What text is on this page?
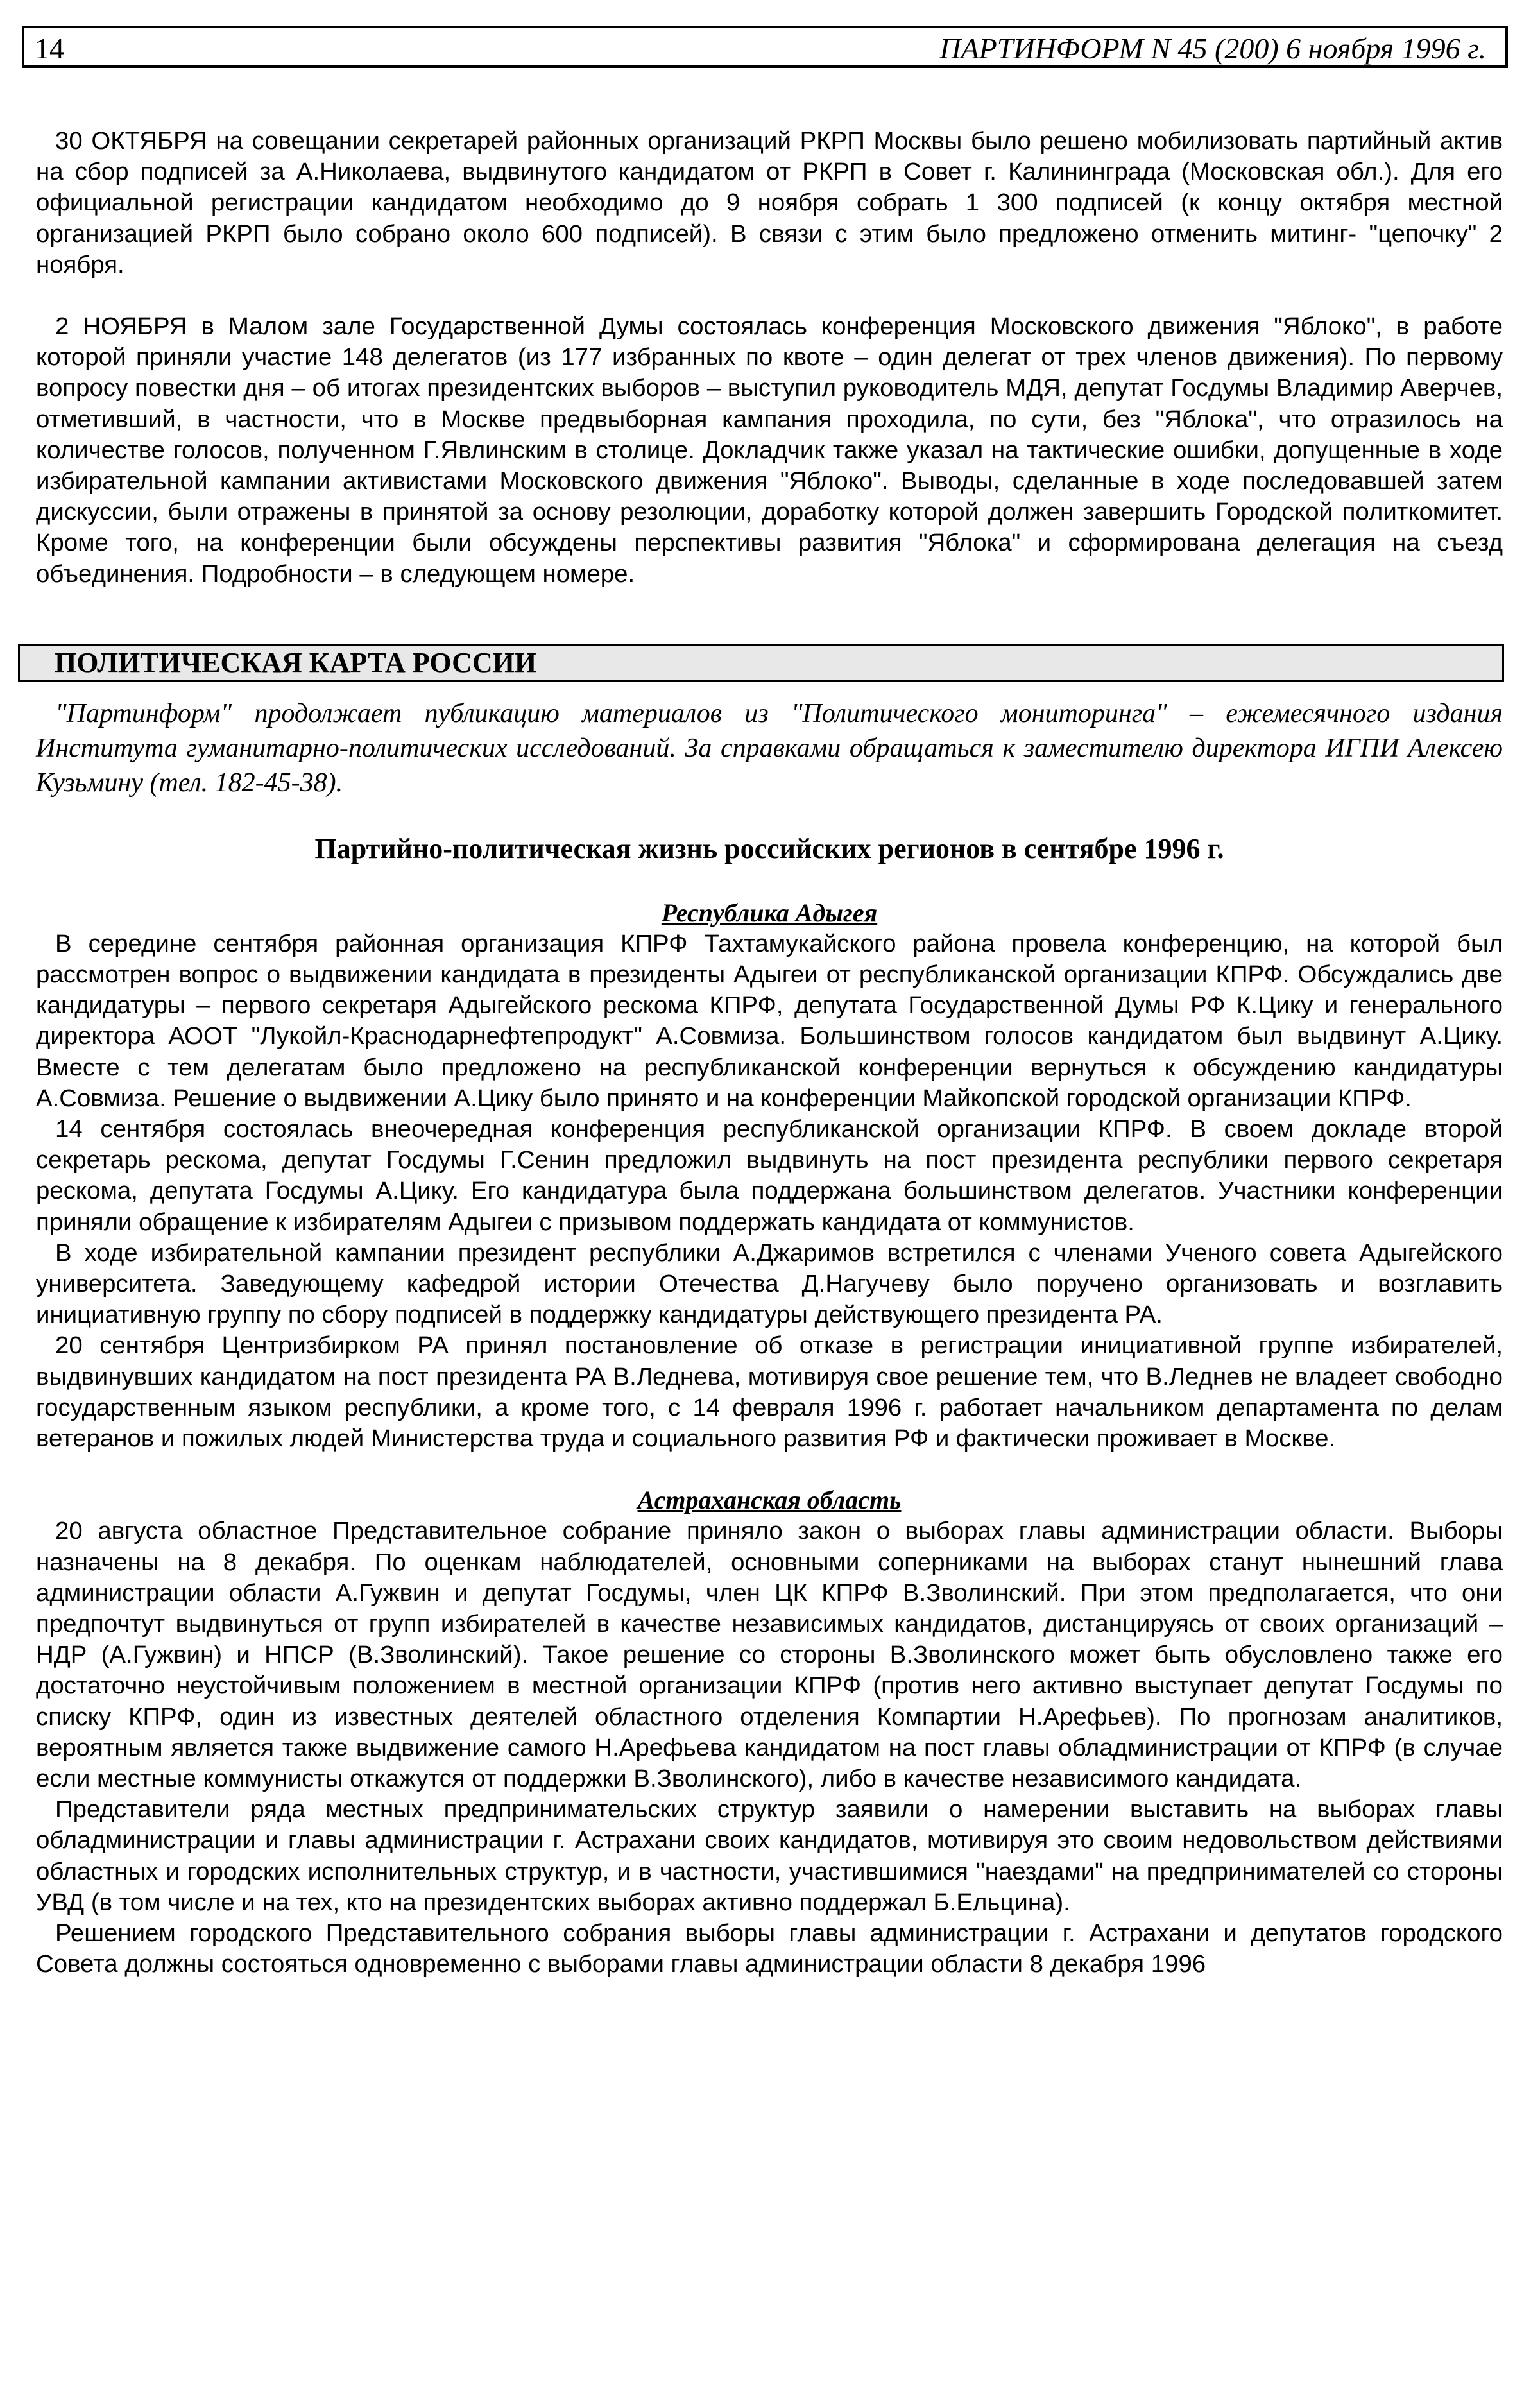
14	ПАРТИНФОРМ N 45 (200) 6 ноября 1996 г.

30 ОКТЯБРЯ на совещании секретарей районных организаций РКРП Москвы было решено мобилизовать партийный актив на сбор подписей за А.Николаева, выдвинутого кандидатом от РКРП в Совет г. Калининграда (Московская обл.). Для его официальной регистрации кандидатом необходимо до 9 ноября собрать 1 300 подписей (к концу октября местной организацией РКРП было собрано около 600 подписей). В связи с этим было предложено отменить митинг- "цепочку" 2 ноября.

2 НОЯБРЯ в Малом зале Государственной Думы состоялась конференция Московского движения "Яблоко", в работе которой приняли участие 148 делегатов (из 177 избранных по квоте – один делегат от трех членов движения). По первому вопросу повестки дня – об итогах президентских выборов – выступил руководитель МДЯ, депутат Госдумы Владимир Аверчев, отметивший, в частности, что в Москве предвыборная кампания проходила, по сути, без "Яблока", что отразилось на количестве голосов, полученном Г.Явлинским в столице. Докладчик также указал на тактические ошибки, допущенные в ходе избирательной кампании активистами Московского движения "Яблоко". Выводы, сделанные в ходе последовавшей затем дискуссии, были отражены в принятой за основу резолюции, доработку которой должен завершить Городской политкомитет. Кроме того, на конференции были обсуждены перспективы развития "Яблока" и сформирована делегация на съезд объединения. Подробности – в следующем номере.

ПОЛИТИЧЕСКАЯ КАРТА РОССИИ

"Партинформ" продолжает публикацию материалов из "Политического мониторинга" – ежемесячного издания Института гуманитарно-политических исследований. За справками обращаться к заместителю директора ИГПИ Алексею Кузьмину (тел. 182-45-38).

Партийно-политическая жизнь российских регионов в сентябре 1996 г.
Республика Адыгея

В середине сентября районная организация КПРФ Тахтамукайского района провела конференцию, на которой был рассмотрен вопрос о выдвижении кандидата в президенты Адыгеи от республиканской организации КПРФ. Обсуждались две кандидатуры – первого секретаря Адыгейского рескома КПРФ, депутата Государственной Думы РФ К.Цику и генерального директора АООТ "Лукойл-Краснодарнефтепродукт" А.Совмиза. Большинством голосов кандидатом был выдвинут А.Цику. Вместе с тем делегатам было предложено на республиканской конференции вернуться к обсуждению кандидатуры А.Совмиза. Решение о выдвижении А.Цику было принято и на конференции Майкопской городской организации КПРФ.

14 сентября состоялась внеочередная конференция республиканской организации КПРФ. В своем докладе второй секретарь рескома, депутат Госдумы Г.Сенин предложил выдвинуть на пост президента республики первого секретаря рескома, депутата Госдумы А.Цику. Его кандидатура была поддержана большинством делегатов. Участники конференции приняли обращение к избирателям Адыгеи с призывом поддержать кандидата от коммунистов.

В ходе избирательной кампании президент республики А.Джаримов встретился с членами Ученого совета Адыгейского университета. Заведующему кафедрой истории Отечества Д.Нагучеву было поручено организовать и возглавить инициативную группу по сбору подписей в поддержку кандидатуры действующего президента РА.

20 сентября Центризбирком РА принял постановление об отказе в регистрации инициативной группе избирателей, выдвинувших кандидатом на пост президента РА В.Леднева, мотивируя свое решение тем, что В.Леднев не владеет свободно государственным языком республики, а кроме того, с 14 февраля 1996 г. работает начальником департамента по делам ветеранов и пожилых людей Министерства труда и социального развития РФ и фактически проживает в Москве.

Астраханская область

20 августа областное Представительное собрание приняло закон о выборах главы администрации области. Выборы назначены на 8 декабря. По оценкам наблюдателей, основными соперниками на выборах станут нынешний глава администрации области А.Гужвин и депутат Госдумы, член ЦК КПРФ В.Зволинский. При этом предполагается, что они предпочтут выдвинуться от групп избирателей в качестве независимых кандидатов, дистанцируясь от своих организаций – НДР (А.Гужвин) и НПСР (В.Зволинский). Такое решение со стороны В.Зволинского может быть обусловлено также его достаточно неустойчивым положением в местной организации КПРФ (против него активно выступает депутат Госдумы по списку КПРФ, один из известных деятелей областного отделения Компартии Н.Арефьев). По прогнозам аналитиков, вероятным является также выдвижение самого Н.Арефьева кандидатом на пост главы обладминистрации от КПРФ (в случае если местные коммунисты откажутся от поддержки В.Зволинского), либо в качестве независимого кандидата.

Представители ряда местных предпринимательских структур заявили о намерении выставить на выборах главы обладминистрации и главы администрации г. Астрахани своих кандидатов, мотивируя это своим недовольством действиями областных и городских исполнительных структур, и в частности, участившимися "наездами" на предпринимателей со стороны УВД (в том числе и на тех, кто на президентских выборах активно поддержал Б.Ельцина).

Решением городского Представительного собрания выборы главы администрации г. Астрахани и депутатов городского Совета должны состояться одновременно с выборами главы администрации области 8 декабря 1996
